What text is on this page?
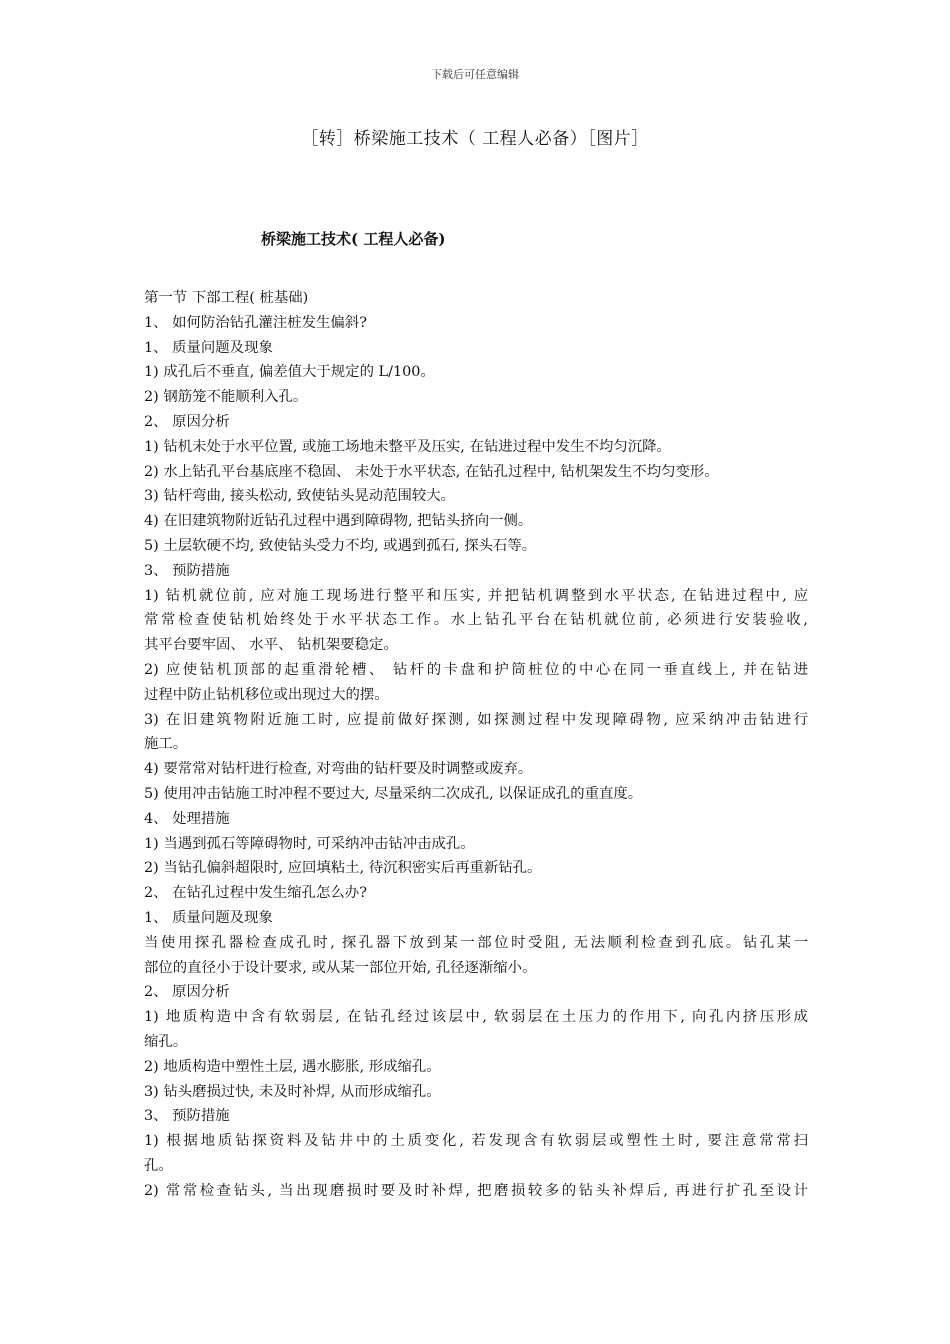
下载后可任意编辑
［转］桥梁施工技术（ 工程人必备）［图片］
桥梁施工技术( 工程人必备)
第一节 下部工程( 桩基础)
1、 如何防治钻孔灌注桩发生偏斜?
1、 质量问题及现象
1) 成孔后不垂直, 偏差值大于规定的 L/100。
2) 钢筋笼不能顺利入孔。
2、 原因分析
1) 钻机未处于水平位置, 或施工场地未整平及压实, 在钻进过程中发生不均匀沉降。
2) 水上钻孔平台基底座不稳固、 未处于水平状态, 在钻孔过程中, 钻机架发生不均匀变形。
3) 钻杆弯曲, 接头松动, 致使钻头晃动范围较大。
4) 在旧建筑物附近钻孔过程中遇到障碍物, 把钻头挤向一侧。
5) 土层软硬不均, 致使钻头受力不均, 或遇到孤石, 探头石等。
3、 预防措施
1) 钻机就位前, 应对施工现场进行整平和压实, 并把钻机调整到水平状态, 在钻进过程中, 应
常常检查使钻机始终处于水平状态工作。水上钻孔平台在钻机就位前, 必须进行安装验收,
其平台要牢固、 水平、 钻机架要稳定。
2) 应使钻机顶部的起重滑轮槽、 钻杆的卡盘和护筒桩位的中心在同一垂直线上, 并在钻进
过程中防止钻机移位或出现过大的摆。
3) 在旧建筑物附近施工时, 应提前做好探测, 如探测过程中发现障碍物, 应采纳冲击钻进行
施工。
4) 要常常对钻杆进行检查, 对弯曲的钻杆要及时调整或废弃。
5) 使用冲击钻施工时冲程不要过大, 尽量采纳二次成孔, 以保证成孔的重直度。
4、 处理措施
1) 当遇到孤石等障碍物时, 可采纳冲击钻冲击成孔。
2) 当钻孔偏斜超限时, 应回填粘土, 待沉积密实后再重新钻孔。
2、 在钻孔过程中发生缩孔怎么办?
1、 质量问题及现象
当使用探孔器检查成孔时, 探孔器下放到某一部位时受阻, 无法顺利检查到孔底。钻孔某一
部位的直径小于设计要求, 或从某一部位开始, 孔径逐渐缩小。
2、 原因分析
1) 地质构造中含有软弱层, 在钻孔经过该层中, 软弱层在土压力的作用下, 向孔内挤压形成
缩孔。
2) 地质构造中塑性土层, 遇水膨胀, 形成缩孔。
3) 钻头磨损过快, 未及时补焊, 从而形成缩孔。
3、 预防措施
1) 根据地质钻探资料及钻井中的土质变化, 若发现含有软弱层或塑性土时, 要注意常常扫
孔。
2) 常常检查钻头, 当出现磨损时要及时补焊, 把磨损较多的钻头补焊后, 再进行扩孔至设计
